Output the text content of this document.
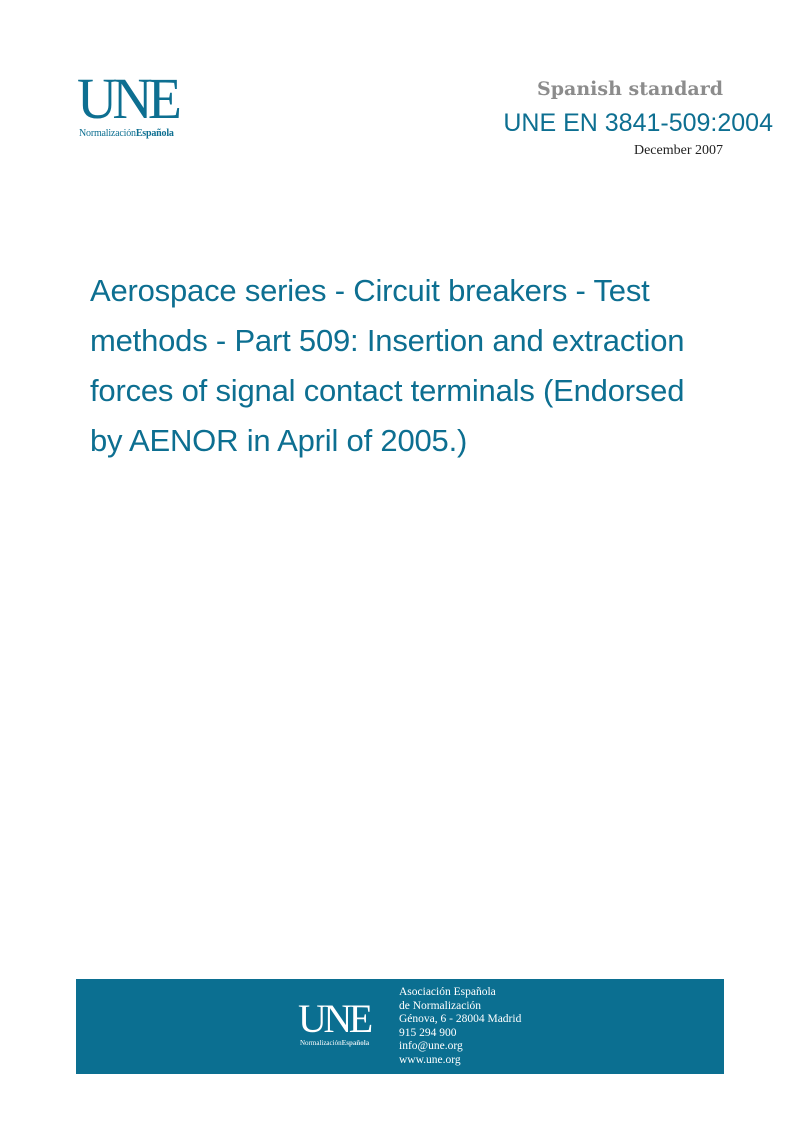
UNE
NormalizaciónEspañola
Spanish standard
UNE EN 3841-509:2004
December 2007
Aerospace series - Circuit breakers - Test
methods - Part 509: Insertion and extraction
forces of signal contact terminals (Endorsed
by AENOR in April of 2005.)
UNE
NormalizaciónEspañola
Asociación Española
de Normalización
Génova, 6 - 28004 Madrid
915 294 900
info@une.org
www.une.org
